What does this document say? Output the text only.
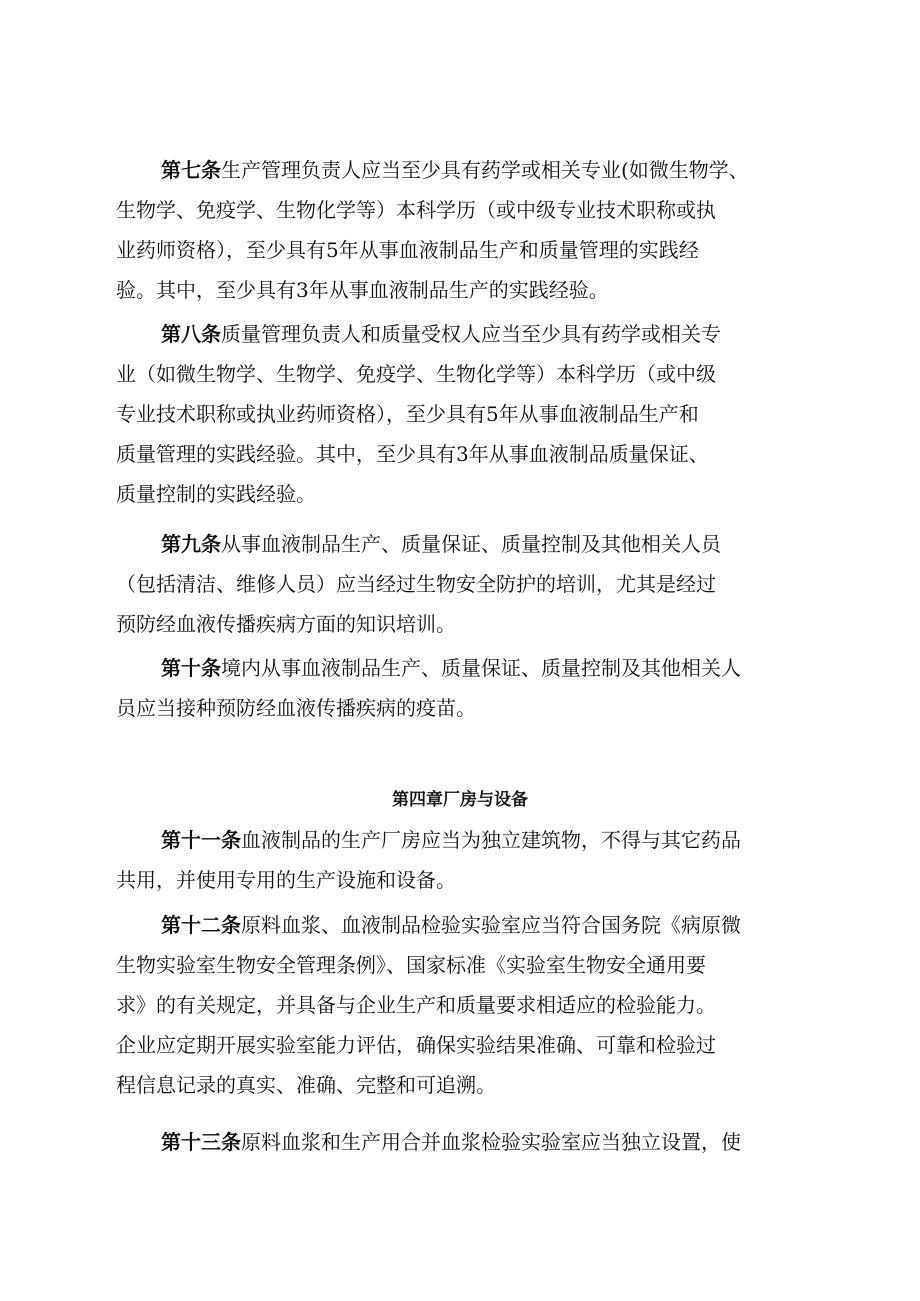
第七条生产管理负责人应当至少具有药学或相关专业(如微生物学、
生物学、免疫学、生物化学等）本科学历（或中级专业技术职称或执
业药师资格），至少具有5年从事血液制品生产和质量管理的实践经
验。其中，至少具有3年从事血液制品生产的实践经验。
第八条质量管理负责人和质量受权人应当至少具有药学或相关专
业（如微生物学、生物学、免疫学、生物化学等）本科学历（或中级
专业技术职称或执业药师资格），至少具有5年从事血液制品生产和
质量管理的实践经验。其中，至少具有3年从事血液制品质量保证、
质量控制的实践经验。
第九条从事血液制品生产、质量保证、质量控制及其他相关人员
（包括清洁、维修人员）应当经过生物安全防护的培训，尤其是经过
预防经血液传播疾病方面的知识培训。
第十条境内从事血液制品生产、质量保证、质量控制及其他相关人
员应当接种预防经血液传播疾病的疫苗。
第四章厂房与设备
第十一条血液制品的生产厂房应当为独立建筑物，不得与其它药品
共用，并使用专用的生产设施和设备。
第十二条原料血浆、血液制品检验实验室应当符合国务院《病原微
生物实验室生物安全管理条例》、国家标准《实验室生物安全通用要
求》的有关规定，并具备与企业生产和质量要求相适应的检验能力。
企业应定期开展实验室能力评估，确保实验结果准确、可靠和检验过
程信息记录的真实、准确、完整和可追溯。
第十三条原料血浆和生产用合并血浆检验实验室应当独立设置，使
